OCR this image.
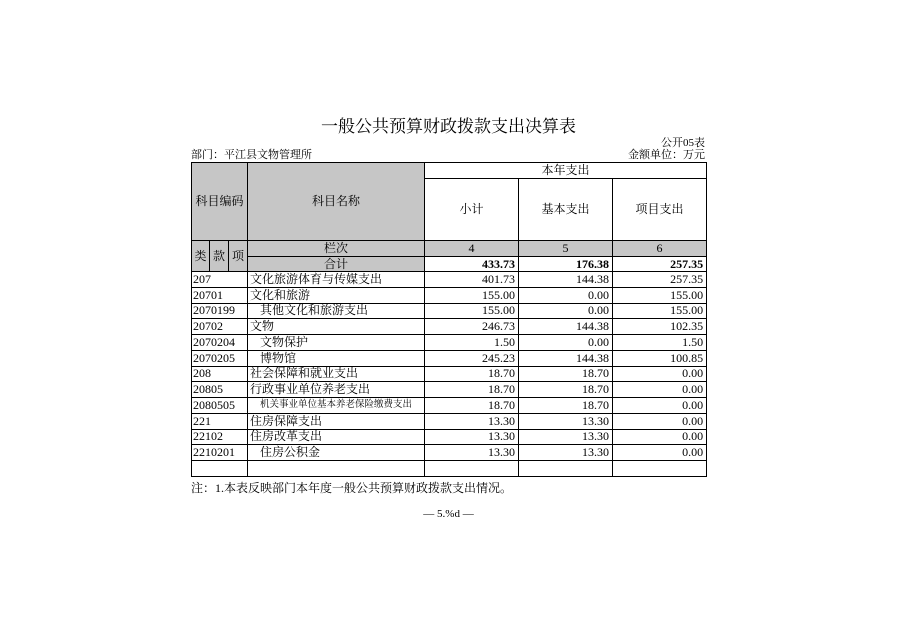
一般公共预算财政拨款支出决算表
公开05表
部门：平江县文物管理所	金额单位：万元
科目编码			科目名称	本年支出		
				小计	基本支出	项目支出
类	款	项	栏次	4	5	6
			合计	433.73	176.38	257.35
207			文化旅游体育与传媒支出	401.73	144.38	257.35
20701			文化和旅游	155.00	0.00	155.00
2070199			其他文化和旅游支出	155.00	0.00	155.00
20702			文物	246.73	144.38	102.35
2070204			文物保护	1.50	0.00	1.50
2070205			博物馆	245.23	144.38	100.85
208			社会保障和就业支出	18.70	18.70	0.00
20805			行政事业单位养老支出	18.70	18.70	0.00
2080505			机关事业单位基本养老保险缴费支出	18.70	18.70	0.00
221			住房保障支出	13.30	13.30	0.00
22102			住房改革支出	13.30	13.30	0.00
2210201			住房公积金	13.30	13.30	0.00

注：1.本表反映部门本年度一般公共预算财政拨款支出情况。
— 5.%d —
